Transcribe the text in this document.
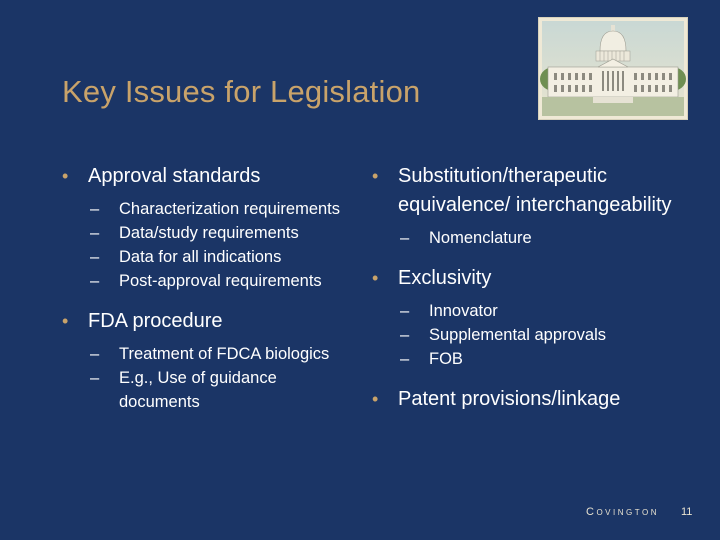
Key Issues for Legislation
• Approval standards
– Characterization requirements
– Data/study requirements
– Data for all indications
– Post-approval requirements
• FDA procedure
– Treatment of FDCA biologics
– E.g., Use of guidance documents
• Substitution/therapeutic equivalence/ interchangeability
– Nomenclature
• Exclusivity
– Innovator
– Supplemental approvals
– FOB
• Patent provisions/linkage
Covington 11
